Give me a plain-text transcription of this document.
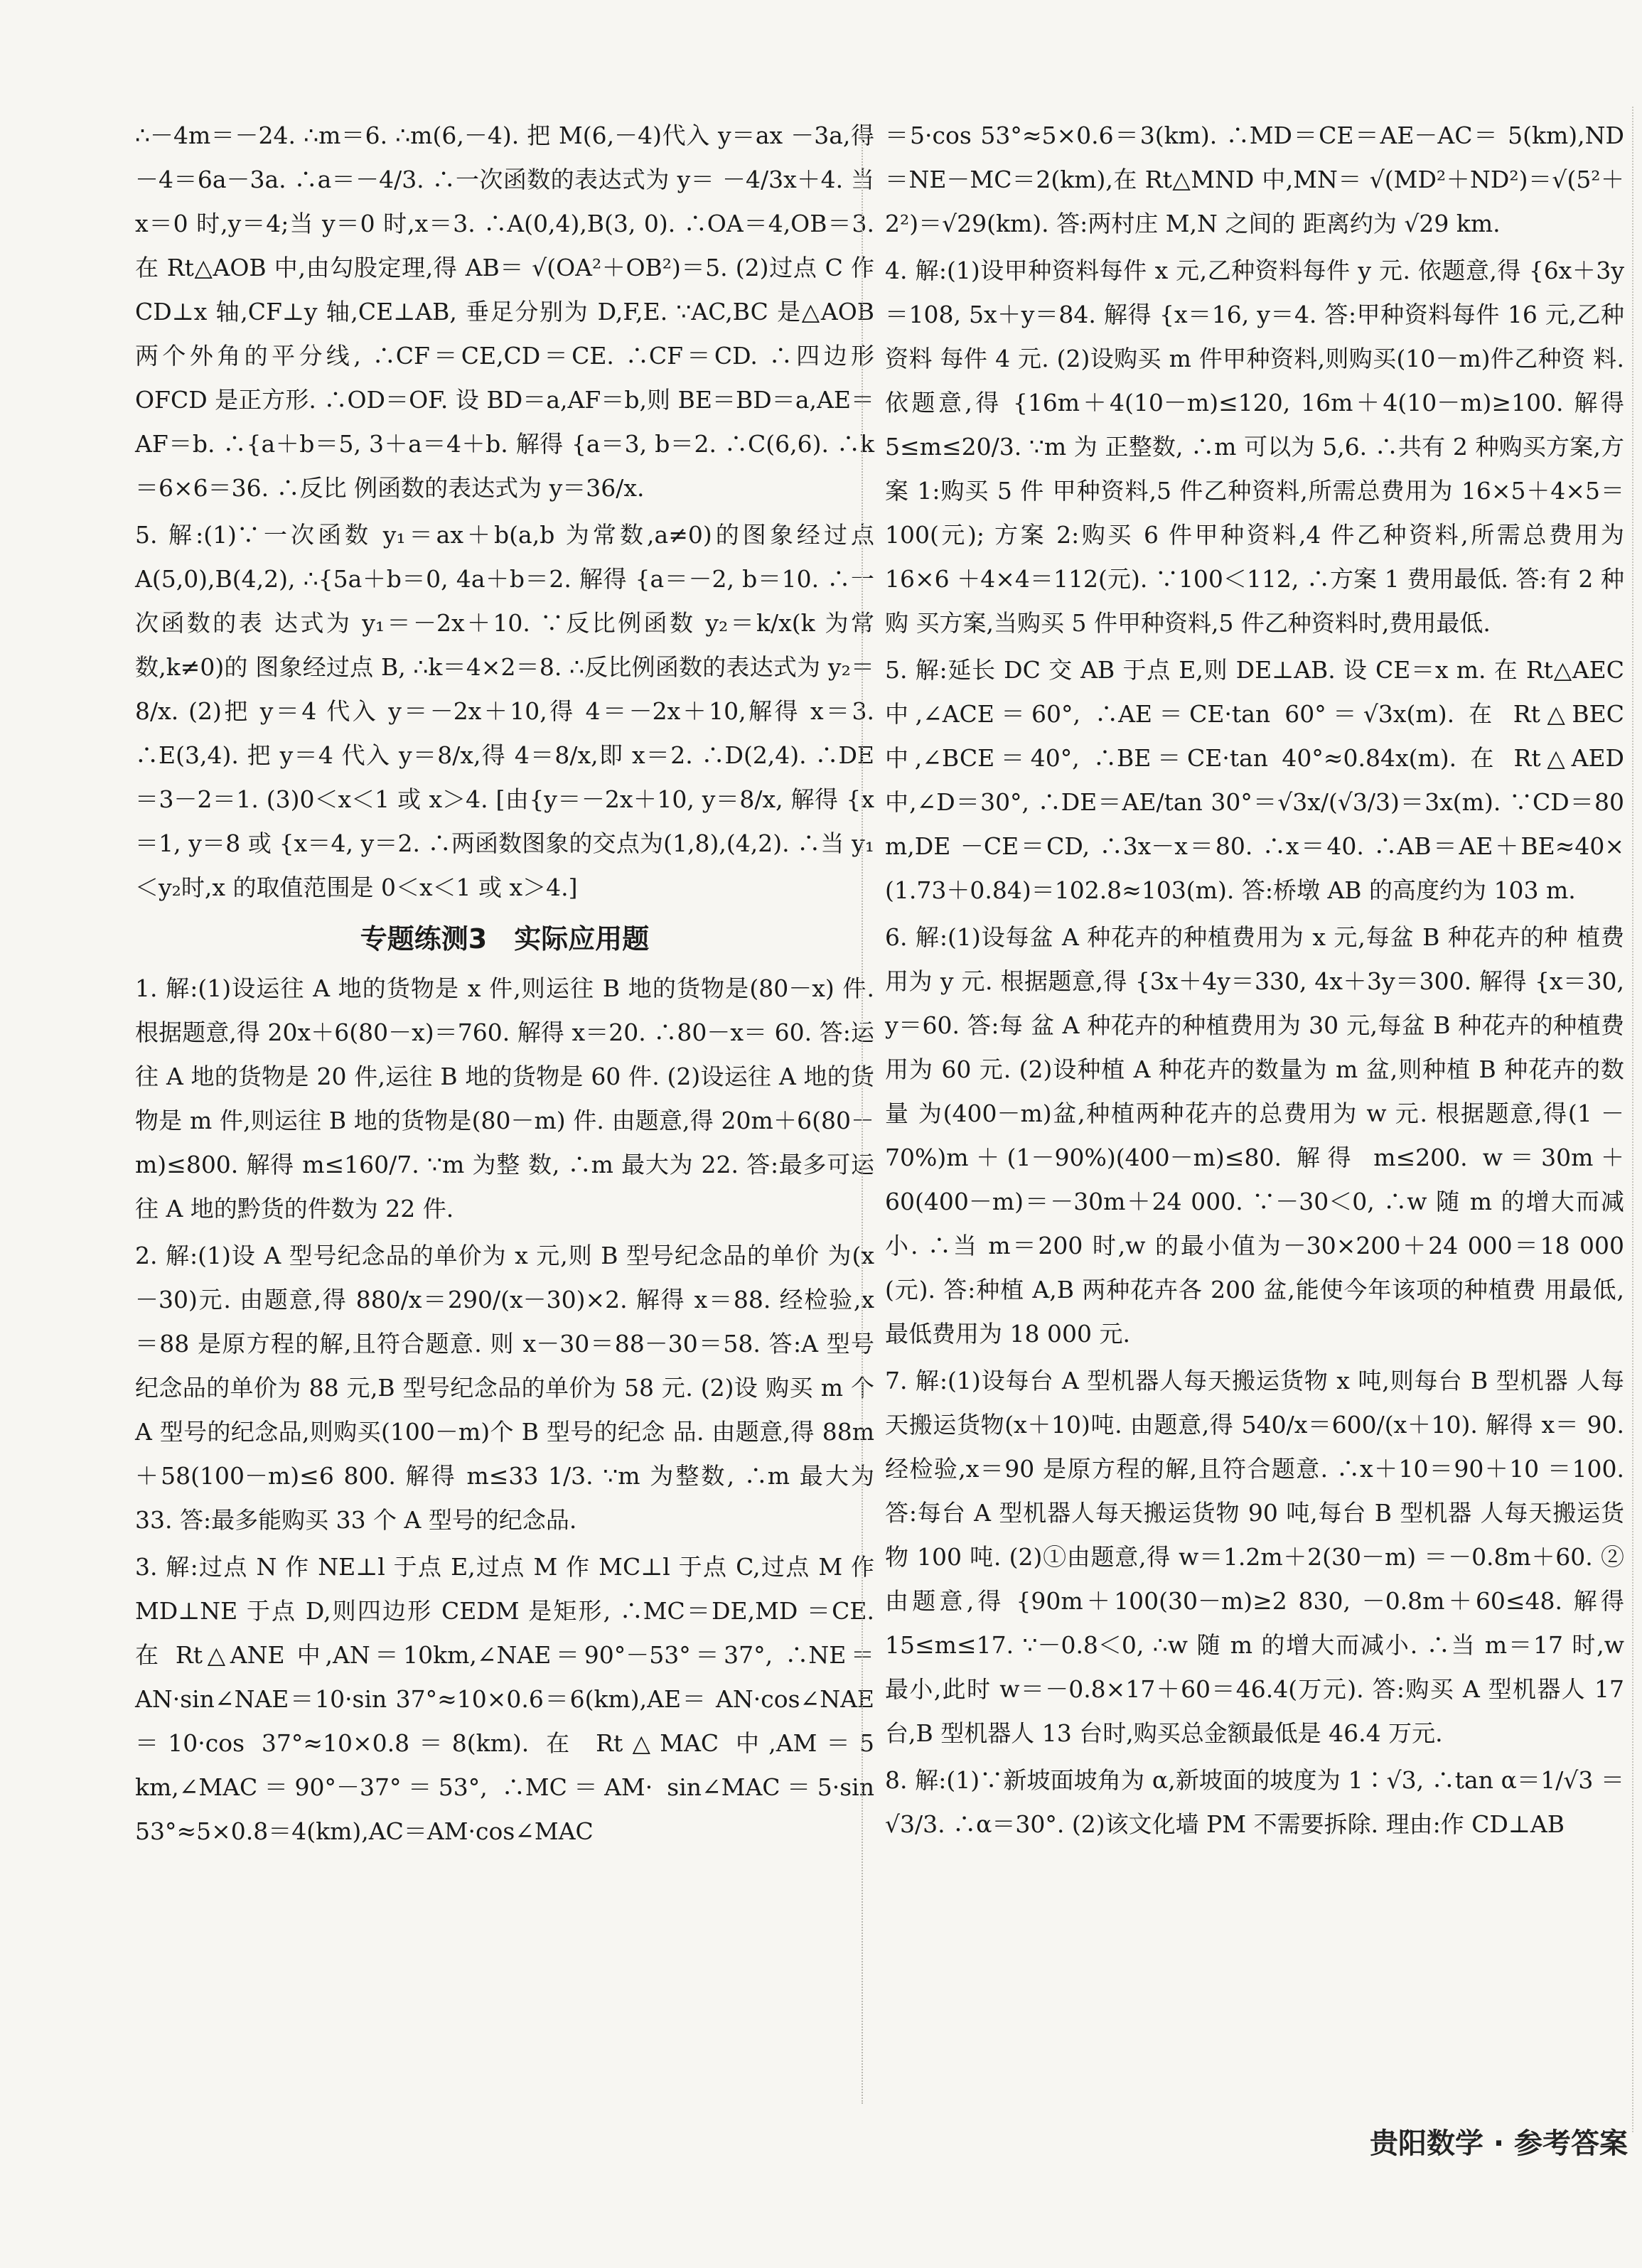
∴－4m＝－24. ∴m＝6. ∴m(6,－4). 把 M(6,－4)代入 y＝ax －3a,得－4＝6a－3a. ∴a＝－4/3. ∴一次函数的表达式为 y＝ －4/3x＋4. 当 x＝0 时,y＝4;当 y＝0 时,x＝3. ∴A(0,4),B(3, 0). ∴OA＝4,OB＝3. 在 Rt△AOB 中,由勾股定理,得 AB＝ √(OA²＋OB²)＝5. (2)过点 C 作 CD⊥x 轴,CF⊥y 轴,CE⊥AB, 垂足分别为 D,F,E. ∵AC,BC 是△AOB 两个外角的平分线, ∴CF＝CE,CD＝CE. ∴CF＝CD. ∴四边形 OFCD 是正方形. ∴OD＝OF. 设 BD＝a,AF＝b,则 BE＝BD＝a,AE＝AF＝b. ∴{a＋b＝5, 3＋a＝4＋b. 解得 {a＝3, b＝2. ∴C(6,6). ∴k＝6×6＝36. ∴反比 例函数的表达式为 y＝36/x.

5. 解:(1)∵一次函数 y₁＝ax＋b(a,b 为常数,a≠0)的图象经过点 A(5,0),B(4,2), ∴{5a＋b＝0, 4a＋b＝2. 解得 {a＝－2, b＝10. ∴一次函数的表 达式为 y₁＝－2x＋10. ∵反比例函数 y₂＝k/x(k 为常数,k≠0)的 图象经过点 B, ∴k＝4×2＝8. ∴反比例函数的表达式为 y₂＝ 8/x. (2)把 y＝4 代入 y＝－2x＋10,得 4＝－2x＋10,解得 x＝3. ∴E(3,4). 把 y＝4 代入 y＝8/x,得 4＝8/x,即 x＝2. ∴D(2,4). ∴DE＝3－2＝1. (3)0＜x＜1 或 x＞4. [由{y＝－2x＋10, y＝8/x, 解得 {x＝1, y＝8 或 {x＝4, y＝2. ∴两函数图象的交点为(1,8),(4,2). ∴当 y₁ ＜y₂时,x 的取值范围是 0＜x＜1 或 x＞4.]

专题练测3　实际应用题

1. 解:(1)设运往 A 地的货物是 x 件,则运往 B 地的货物是(80－x) 件. 根据题意,得 20x＋6(80－x)＝760. 解得 x＝20. ∴80－x＝ 60. 答:运往 A 地的货物是 20 件,运往 B 地的货物是 60 件. (2)设运往 A 地的货物是 m 件,则运往 B 地的货物是(80－m) 件. 由题意,得 20m＋6(80－m)≤800. 解得 m≤160/7. ∵m 为整 数, ∴m 最大为 22. 答:最多可运往 A 地的黔货的件数为 22 件.

2. 解:(1)设 A 型号纪念品的单价为 x 元,则 B 型号纪念品的单价 为(x－30)元. 由题意,得 880/x＝290/(x－30)×2. 解得 x＝88. 经检验,x ＝88 是原方程的解,且符合题意. 则 x－30＝88－30＝58. 答:A 型号纪念品的单价为 88 元,B 型号纪念品的单价为 58 元. (2)设 购买 m 个 A 型号的纪念品,则购买(100－m)个 B 型号的纪念 品. 由题意,得 88m＋58(100－m)≤6 800. 解得 m≤33 1/3. ∵m 为整数, ∴m 最大为 33. 答:最多能购买 33 个 A 型号的纪念品.

3. 解:过点 N 作 NE⊥l 于点 E,过点 M 作 MC⊥l 于点 C,过点 M 作 MD⊥NE 于点 D,则四边形 CEDM 是矩形, ∴MC＝DE,MD ＝CE. 在 Rt△ANE 中,AN＝10km,∠NAE＝90°－53°＝37°, ∴NE＝AN·sin∠NAE＝10·sin 37°≈10×0.6＝6(km),AE＝ AN·cos∠NAE＝10·cos 37°≈10×0.8＝8(km). 在 Rt△MAC 中,AM＝5 km,∠MAC＝90°－37°＝53°, ∴MC＝AM· sin∠MAC＝5·sin 53°≈5×0.8＝4(km),AC＝AM·cos∠MAC

＝5·cos 53°≈5×0.6＝3(km). ∴MD＝CE＝AE－AC＝ 5(km),ND＝NE－MC＝2(km),在 Rt△MND 中,MN＝ √(MD²＋ND²)＝√(5²＋2²)＝√29(km). 答:两村庄 M,N 之间的 距离约为 √29 km.

4. 解:(1)设甲种资料每件 x 元,乙种资料每件 y 元. 依题意,得 {6x＋3y＝108, 5x＋y＝84. 解得 {x＝16, y＝4. 答:甲种资料每件 16 元,乙种资料 每件 4 元. (2)设购买 m 件甲种资料,则购买(10－m)件乙种资 料. 依题意,得 {16m＋4(10－m)≤120, 16m＋4(10－m)≥100. 解得 5≤m≤20/3. ∵m 为 正整数, ∴m 可以为 5,6. ∴共有 2 种购买方案,方案 1:购买 5 件 甲种资料,5 件乙种资料,所需总费用为 16×5＋4×5＝100(元); 方案 2:购买 6 件甲种资料,4 件乙种资料,所需总费用为 16×6 ＋4×4＝112(元). ∵100＜112, ∴方案 1 费用最低. 答:有 2 种购 买方案,当购买 5 件甲种资料,5 件乙种资料时,费用最低.

5. 解:延长 DC 交 AB 于点 E,则 DE⊥AB. 设 CE＝x m. 在 Rt△AEC 中,∠ACE＝60°, ∴AE＝CE·tan 60°＝√3x(m). 在 Rt△BEC 中,∠BCE＝40°, ∴BE＝CE·tan 40°≈0.84x(m). 在 Rt△AED 中,∠D＝30°, ∴DE＝AE/tan 30°＝√3x/(√3/3)＝3x(m). ∵CD＝80 m,DE －CE＝CD, ∴3x－x＝80. ∴x＝40. ∴AB＝AE＋BE≈40× (1.73＋0.84)＝102.8≈103(m). 答:桥墩 AB 的高度约为 103 m.

6. 解:(1)设每盆 A 种花卉的种植费用为 x 元,每盆 B 种花卉的种 植费用为 y 元. 根据题意,得 {3x＋4y＝330, 4x＋3y＝300. 解得 {x＝30, y＝60. 答:每 盆 A 种花卉的种植费用为 30 元,每盆 B 种花卉的种植费用为 60 元. (2)设种植 A 种花卉的数量为 m 盆,则种植 B 种花卉的数量 为(400－m)盆,种植两种花卉的总费用为 w 元. 根据题意,得(1 －70%)m＋(1－90%)(400－m)≤80. 解得 m≤200. w＝30m＋ 60(400－m)＝－30m＋24 000. ∵－30＜0, ∴w 随 m 的增大而减 小. ∴当 m＝200 时,w 的最小值为－30×200＋24 000＝18 000 (元). 答:种植 A,B 两种花卉各 200 盆,能使今年该项的种植费 用最低,最低费用为 18 000 元.

7. 解:(1)设每台 A 型机器人每天搬运货物 x 吨,则每台 B 型机器 人每天搬运货物(x＋10)吨. 由题意,得 540/x＝600/(x＋10). 解得 x＝ 90. 经检验,x＝90 是原方程的解,且符合题意. ∴x＋10＝90＋10 ＝100. 答:每台 A 型机器人每天搬运货物 90 吨,每台 B 型机器 人每天搬运货物 100 吨. (2)①由题意,得 w＝1.2m＋2(30－m) ＝－0.8m＋60. ②由题意,得 {90m＋100(30－m)≥2 830, －0.8m＋60≤48. 解得 15≤m≤17. ∵－0.8＜0, ∴w 随 m 的增大而减小. ∴当 m＝17 时,w 最小,此时 w＝－0.8×17＋60＝46.4(万元). 答:购买 A 型机器人 17 台,B 型机器人 13 台时,购买总金额最低是 46.4 万元.

8. 解:(1)∵新坡面坡角为 α,新坡面的坡度为 1∶√3, ∴tan α＝1/√3 ＝√3/3. ∴α＝30°. (2)该文化墙 PM 不需要拆除. 理由:作 CD⊥AB

贵阳数学 · 参考答案
